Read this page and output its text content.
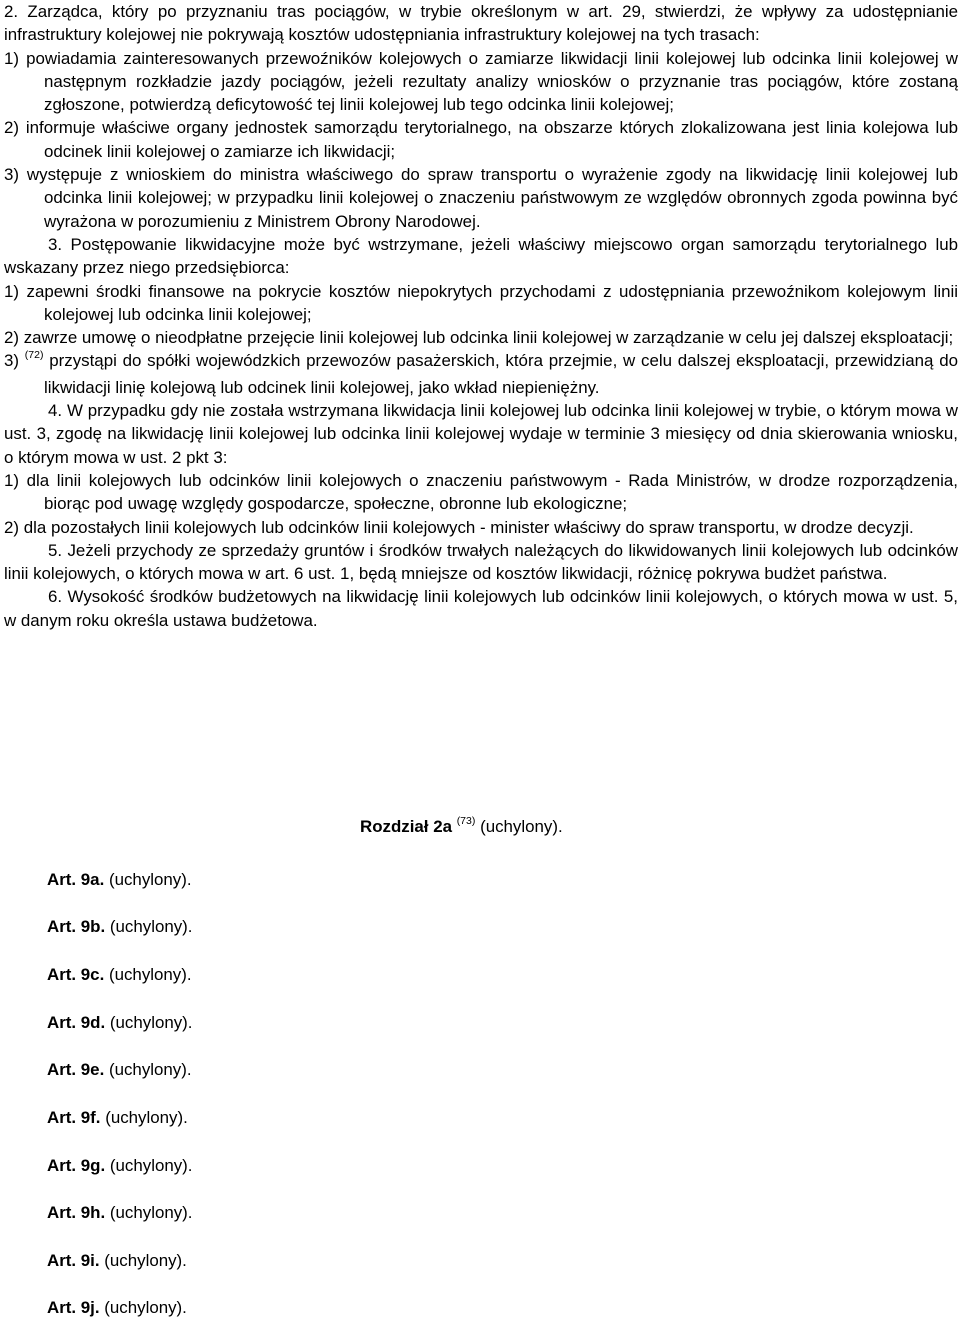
2. Zarządca, który po przyznaniu tras pociągów, w trybie określonym w art. 29, stwierdzi, że wpływy za udostępnianie infrastruktury kolejowej nie pokrywają kosztów udostępniania infrastruktury kolejowej na tych trasach:

1) powiadamia zainteresowanych przewoźników kolejowych o zamiarze likwidacji linii kolejowej lub odcinka linii kolejowej w następnym rozkładzie jazdy pociągów, jeżeli rezultaty analizy wniosków o przyznanie tras pociągów, które zostaną zgłoszone, potwierdzą deficytowość tej linii kolejowej lub tego odcinka linii kolejowej;

2) informuje właściwe organy jednostek samorządu terytorialnego, na obszarze których zlokalizowana jest linia kolejowa lub odcinek linii kolejowej o zamiarze ich likwidacji;

3) występuje z wnioskiem do ministra właściwego do spraw transportu o wyrażenie zgody na likwidację linii kolejowej lub odcinka linii kolejowej; w przypadku linii kolejowej o znaczeniu państwowym ze względów obronnych zgoda powinna być wyrażona w porozumieniu z Ministrem Obrony Narodowej.

3. Postępowanie likwidacyjne może być wstrzymane, jeżeli właściwy miejscowo organ samorządu terytorialnego lub wskazany przez niego przedsiębiorca:

1) zapewni środki finansowe na pokrycie kosztów niepokrytych przychodami z udostępniania przewoźnikom kolejowym linii kolejowej lub odcinka linii kolejowej;

2) zawrze umowę o nieodpłatne przejęcie linii kolejowej lub odcinka linii kolejowej w zarządzanie w celu jej dalszej eksploatacji;

3) $^{(72)}$ przystąpi do spółki wojewódzkich przewozów pasażerskich, która przejmie, w celu dalszej eksploatacji, przewidzianą do likwidacji linię kolejową lub odcinek linii kolejowej, jako wkład niepieniężny.

4. W przypadku gdy nie została wstrzymana likwidacja linii kolejowej lub odcinka linii kolejowej w trybie, o którym mowa w ust. 3, zgodę na likwidację linii kolejowej lub odcinka linii kolejowej wydaje w terminie 3 miesięcy od dnia skierowania wniosku, o którym mowa w ust. 2 pkt 3:

1) dla linii kolejowych lub odcinków linii kolejowych o znaczeniu państwowym - Rada Ministrów, w drodze rozporządzenia, biorąc pod uwagę względy gospodarcze, społeczne, obronne lub ekologiczne;

2) dla pozostałych linii kolejowych lub odcinków linii kolejowych - minister właściwy do spraw transportu, w drodze decyzji.

5. Jeżeli przychody ze sprzedaży gruntów i środków trwałych należących do likwidowanych linii kolejowych lub odcinków linii kolejowych, o których mowa w art. 6 ust. 1, będą mniejsze od kosztów likwidacji, różnicę pokrywa budżet państwa.

6. Wysokość środków budżetowych na likwidację linii kolejowych lub odcinków linii kolejowych, o których mowa w ust. 5, w danym roku określa ustawa budżetowa.

Rozdział 2a $^{(73)}$ (uchylony).
Art. 9a. (uchylony).
Art. 9b. (uchylony).
Art. 9c. (uchylony).
Art. 9d. (uchylony).
Art. 9e. (uchylony).
Art. 9f. (uchylony).
Art. 9g. (uchylony).
Art. 9h. (uchylony).
Art. 9i. (uchylony).
Art. 9j. (uchylony).
